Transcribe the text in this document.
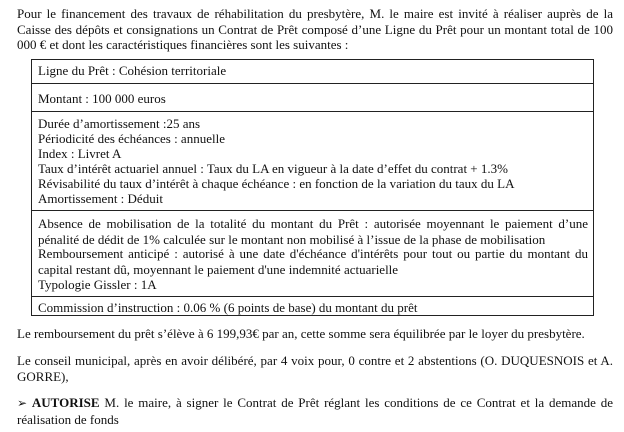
Pour le financement des travaux de réhabilitation du presbytère, M. le maire est invité à réaliser auprès de la Caisse des dépôts et consignations un Contrat de Prêt composé d’une Ligne du Prêt pour un montant total de 100 000 € et dont les caractéristiques financières sont les suivantes :

Ligne du Prêt : Cohésion territoriale
Montant : 100 000 euros
Durée d’amortissement :25 ans
Périodicité des échéances : annuelle
Index : Livret A
Taux d’intérêt actuariel annuel : Taux du LA en vigueur à la date d’effet du contrat + 1.3%
Révisabilité du taux d’intérêt à chaque échéance : en fonction de la variation du taux du LA
Amortissement : Déduit
Absence de mobilisation de la totalité du montant du Prêt : autorisée moyennant le paiement d’une pénalité de dédit de 1% calculée sur le montant non mobilisé à l’issue de la phase de mobilisation
Remboursement anticipé : autorisé à une date d'échéance d'intérêts pour tout ou partie du montant du capital restant dû, moyennant le paiement d'une indemnité actuarielle
Typologie Gissler : 1A
Commission d’instruction : 0.06 % (6 points de base) du montant du prêt

Le remboursement du prêt s’élève à 6 199,93€ par an, cette somme sera équilibrée par le loyer du presbytère.

Le conseil municipal, après en avoir délibéré, par 4 voix pour, 0 contre et 2 abstentions (O. DUQUESNOIS et A. GORRE),

➢ AUTORISE M. le maire, à signer le Contrat de Prêt réglant les conditions de ce Contrat et la demande de réalisation de fonds
